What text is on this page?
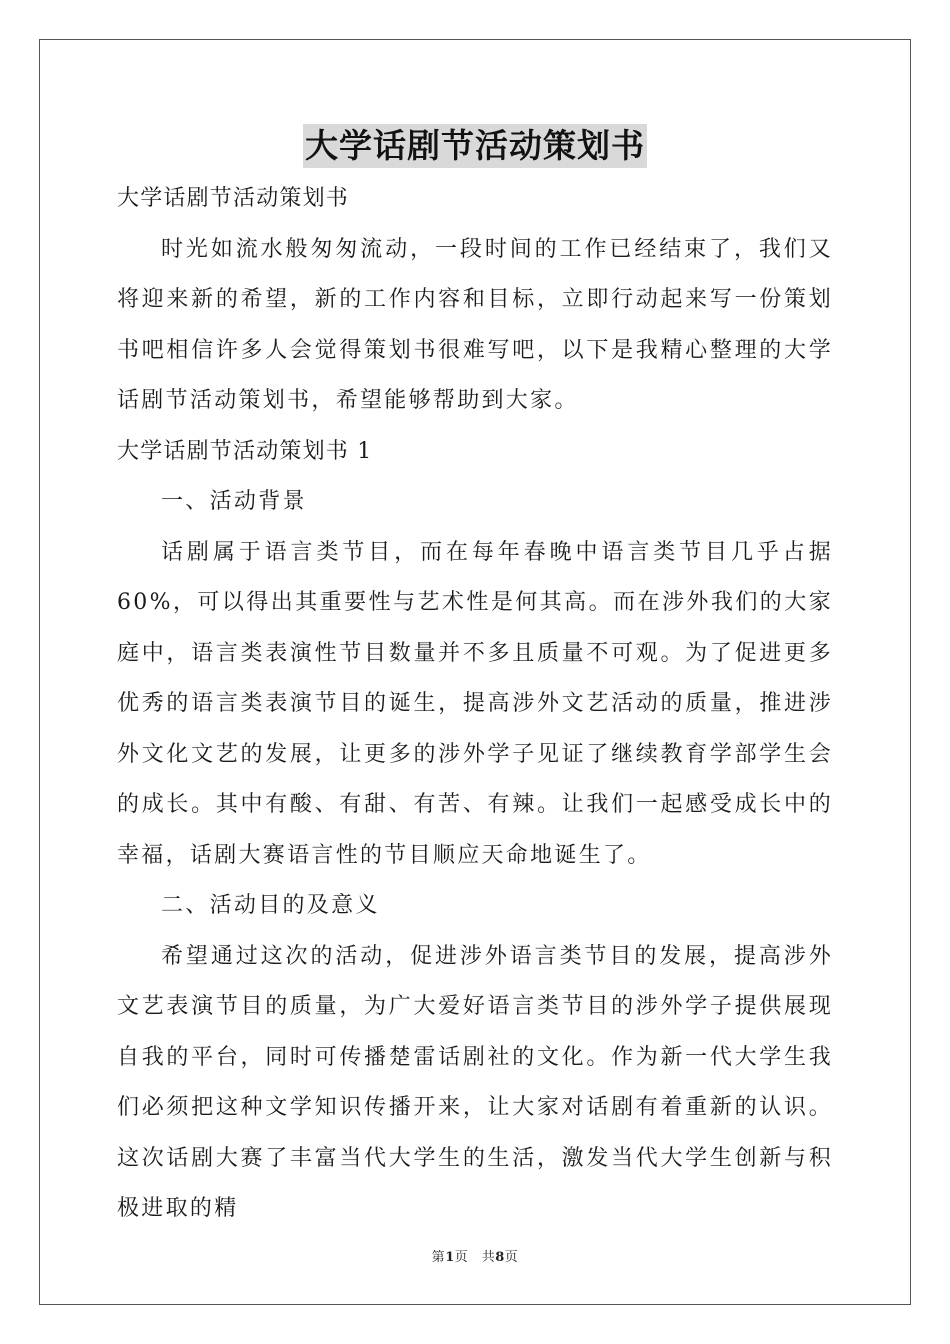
大学话剧节活动策划书

大学话剧节活动策划书

时光如流水般匆匆流动，一段时间的工作已经结束了，我们又将迎来新的希望，新的工作内容和目标，立即行动起来写一份策划书吧相信许多人会觉得策划书很难写吧，以下是我精心整理的大学话剧节活动策划书，希望能够帮助到大家。

大学话剧节活动策划书 1

一、活动背景

话剧属于语言类节目，而在每年春晚中语言类节目几乎占据 60%，可以得出其重要性与艺术性是何其高。而在涉外我们的大家庭中，语言类表演性节目数量并不多且质量不可观。为了促进更多优秀的语言类表演节目的诞生，提高涉外文艺活动的质量，推进涉外文化文艺的发展，让更多的涉外学子见证了继续教育学部学生会的成长。其中有酸、有甜、有苦、有辣。让我们一起感受成长中的幸福，话剧大赛语言性的节目顺应天命地诞生了。

二、活动目的及意义

希望通过这次的活动，促进涉外语言类节目的发展，提高涉外文艺表演节目的质量，为广大爱好语言类节目的涉外学子提供展现自我的平台，同时可传播楚雷话剧社的文化。作为新一代大学生我们必须把这种文学知识传播开来，让大家对话剧有着重新的认识。这次话剧大赛了丰富当代大学生的生活，激发当代大学生创新与积极进取的精

第1页　共8页
